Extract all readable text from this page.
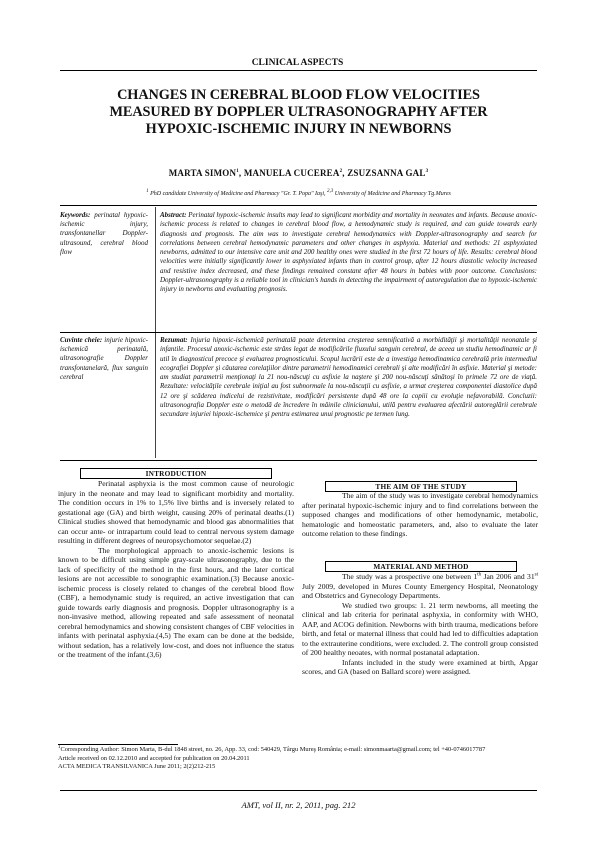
CLINICAL ASPECTS
CHANGES IN CEREBRAL BLOOD FLOW VELOCITIES
MEASURED BY DOPPLER ULTRASONOGRAPHY AFTER
HYPOXIC-ISCHEMIC INJURY IN NEWBORNS
MARTA SIMON$^1$, MANUELA CUCEREA$^2$, ZSUZSANNA GAL$^3$
$^1$ PhD candidate University of Medicine and Pharmacy "Gr. T. Popa" Iaşi, $^{2,3}$ University of Medicine and Pharmacy Tg.Mures
Keywords: perinatal hypoxic-ischemic injury, transfontanellar Doppler-ultrasound, cerebral blood flow
Abstract: Perinatal hypoxic-ischemic insults may lead to significant morbidity and mortality in neonates and infants. Because anoxic-ischemic process is related to changes in cerebral blood flow, a hemodynamic study is required, and can guide towards early diagnosis and prognosis. The aim was to investigate cerebral hemodynamics with Doppler-ultrasonography and search for correlations between cerebral hemodynamic parameters and other changes in asphyxia. Material and methods: 21 asphyxiated newborns, admitted to our intensive care unit and 200 healthy ones were studied in the first 72 hours of life. Results: cerebral blood velocities were initially significantly lower in asphyxiated infants than in control group, after 12 hours diastolic velocity increased and resistive index decreased, and these findings remained constant after 48 hours in babies with poor outcome. Conclusions: Doppler-ultrasonography is a reliable tool in clinician's hands in detecting the impairment of autoregulation due to hypoxic-ischemic injury in newborns and evaluating prognosis.
Cuvinte cheie: injurie hipoxic-ischemică perinatală, ultrasonografie Doppler transfontanelară, flux sanguin cerebral
Rezumat: Injuria hipoxic-ischemică perinatală poate determina creşterea semnificativă a morbidităţii şi mortalităţii neonatale şi infantile. Procesul anoxic-ischemic este strâns legat de modificările fluxului sanguin cerebral, de aceea un studiu hemodinamic ar fi util în diagnosticul precoce şi evaluarea prognosticului. Scopul lucrării este de a investiga hemodinamica cerebrală prin intermediul ecografiei Doppler şi căutarea corelaţiilor dintre parametrii hemodinamici cerebrali şi alte modificări în asfixie. Material şi metode: am studiat parametrii menţionaţi la 21 nou-născuţi cu asfixie la naştere şi 200 nou-născuţi sănătoşi în primele 72 ore de viaţă. Rezultate: velocităţile cerebrale iniţial au fost subnormale la nou-născuţii cu asfixie, a urmat creşterea componentei diastolice după 12 ore şi scăderea indicelui de rezistivitate, modificări persistente după 48 ore la copiii cu evoluţie nefavorabilă. Concluzii: ultrasonografia Doppler este o metodă de încredere în mâinile clinicianului, utilă pentru evaluarea afectării autoreglării cerebrale secundare injuriei hipoxic-ischemice şi pentru estimarea unui prognostic pe termen lung.
INTRODUCTION

Perinatal asphyxia is the most common cause of neurologic injury in the neonate and may lead to significant morbidity and mortality. The condition occurs in 1% to 1,5% live births and is inversely related to gestational age (GA) and birth weight, causing 20% of perinatal deaths.(1) Clinical studies showed that hemodynamic and blood gas abnormalities that can occur ante- or intrapartum could lead to central nervous system damage resulting in different degrees of neuropsychomotor sequelae.(2)

The morphological approach to anoxic-ischemic lesions is known to be difficult using simple gray-scale ultrasonography, due to the lack of specificity of the method in the first hours, and the later cortical lesions are not accessible to sonographic examination.(3) Because anoxic-ischemic process is closely related to changes of the cerebral blood flow (CBF), a hemodynamic study is required, an active investigation that can guide towards early diagnosis and prognosis. Doppler ultrasonography is a non-invasive method, allowing repeated and safe assessment of neonatal cerebral hemodynamics and showing consistent changes of CBF velocities in infants with perinatal asphyxia.(4,5) The exam can be done at the bedside, without sedation, has a relatively low-cost, and does not influence the status or the treatment of the infant.(3,6)

THE AIM OF THE STUDY

The aim of the study was to investigate cerebral hemodynamics after perinatal hypoxic-ischemic injury and to find correlations between the supposed changes and modifications of other hemodynamic, metabolic, hematologic and homeostatic parameters, and, also to evaluate the later outcome relation to these findings.

MATERIAL AND METHOD

The study was a prospective one between 1th Jan 2006 and 31st July 2009, developed in Mures County Emergency Hospital, Neonatology and Obstetrics and Gynecology Departments.

We studied two groups: 1. 21 term newborns, all meeting the clinical and lab criteria for perinatal asphyxia, in conformity with WHO, AAP, and ACOG definition. Newborns with birth trauma, medications before birth, and fetal or maternal illness that could had led to difficulties adaptation to the extrauterine conditions, were excluded. 2. The controll group consisted of 200 healthy neoates, with normal postanatal adaptation.

Infants included in the study were examined at birth, Apgar scores, and GA (based on Ballard score) were assigned.

$^1$Corresponding Author: Simon Marta, B-dul 1848 street, no. 26, App. 33, cod: 540429, Târgu Mureş România; e-mail: simonmaarta@gmail.com; tel +40-0746017787
Article received on 02.12.2010 and accepted for publication on 20.04.2011
ACTA MEDICA TRANSILVANICA June 2011; 2(2)212-215
AMT, vol II, nr. 2, 2011, pag. 212
